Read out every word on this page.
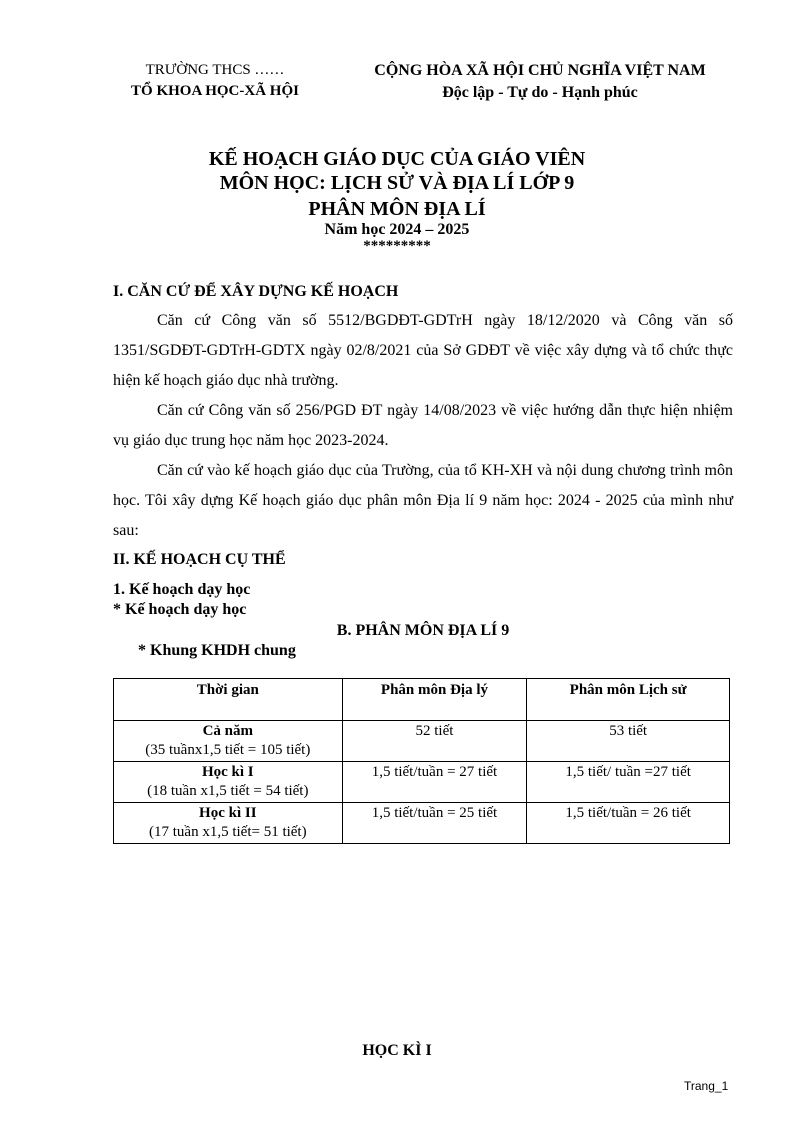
TRƯỜNG THCS ……
TỔ KHOA HỌC-XÃ HỘI
CỘNG HÒA XÃ HỘI CHỦ NGHĨA VIỆT NAM
Độc lập - Tự do - Hạnh phúc
KẾ HOẠCH GIÁO DỤC CỦA GIÁO VIÊN
MÔN HỌC: LỊCH SỬ VÀ ĐỊA LÍ LỚP 9
PHÂN MÔN ĐỊA LÍ
Năm học 2024 – 2025
*********
I. CĂN CỨ ĐỂ XÂY DỰNG KẾ HOẠCH
Căn cứ Công văn số 5512/BGDĐT-GDTrH ngày 18/12/2020 và Công văn số 1351/SGDĐT-GDTrH-GDTX ngày 02/8/2021 của Sở GDĐT về việc xây dựng và tổ chức thực hiện kế hoạch giáo dục nhà trường.
Căn cứ Công văn số 256/PGD ĐT ngày 14/08/2023 về việc hướng dẫn thực hiện nhiệm vụ giáo dục trung học năm học 2023-2024.
Căn cứ vào kế hoạch giáo dục của Trường, của tổ KH-XH và nội dung chương trình môn học. Tôi xây dựng Kế hoạch giáo dục phân môn Địa lí 9 năm học: 2024 - 2025 của mình như sau:
II. KẾ HOẠCH CỤ THỂ
1. Kế hoạch dạy học
* Kế hoạch dạy học
B. PHÂN MÔN ĐỊA LÍ 9
* Khung KHDH chung
Thời gian	Phân môn Địa lý	Phân môn Lịch sử

Cả năm
(35 tuầnx1,5 tiết = 105 tiết)	52 tiết	53 tiết

Học kì I
(18 tuần x1,5 tiết = 54 tiết)	1,5 tiết/tuần = 27 tiết	1,5 tiết/ tuần =27 tiết

Học kì II
(17 tuần x1,5 tiết= 51 tiết)	1,5 tiết/tuần = 25 tiết	1,5 tiết/tuần = 26 tiết
HỌC KÌ I
Trang_1
